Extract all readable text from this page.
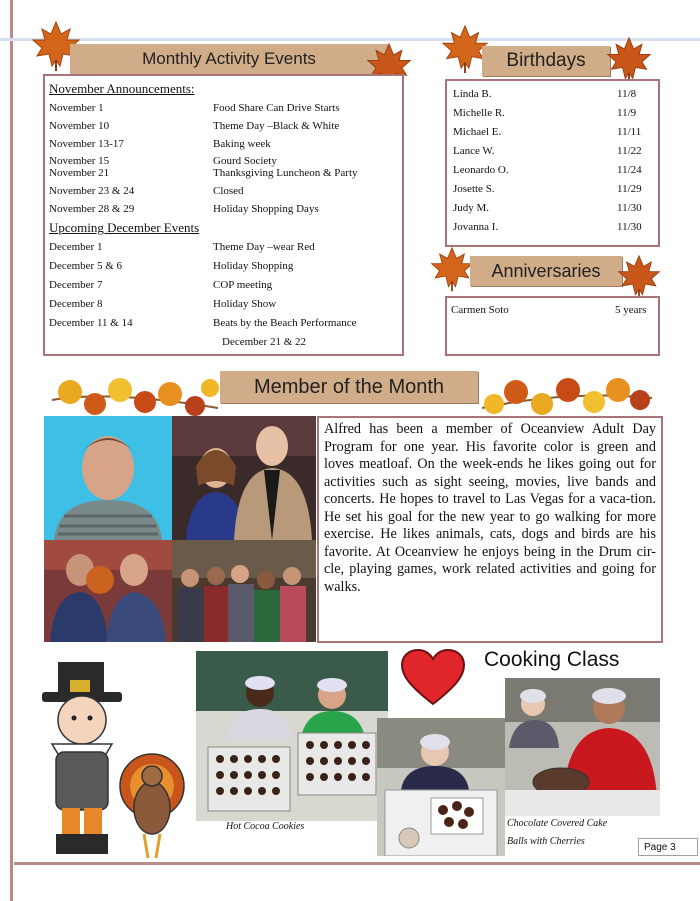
Monthly Activity Events
November Announcements:
November 1	Food Share Can Drive Starts
November 10	Theme Day –Black & White
November 13-17	Baking week
November 15	Gourd Society
November 21	Thanksgiving Luncheon & Party
November 23 & 24	Closed
November 28 & 29	Holiday Shopping Days
Upcoming December Events
December 1	Theme Day –wear Red
December 5 & 6	Holiday Shopping
December 7	COP meeting
December 8	Holiday Show
December 11 & 14	Beats by the Beach Performance
December 21 & 22
Birthdays
Linda B.	11/8
Michelle R.	11/9
Michael E.	11/11
Lance W.	11/22
Leonardo O.	11/24
Josette S.	11/29
Judy M.	11/30
Jovanna I.	11/30
Anniversaries
Carmen Soto	5 years
Member of the Month
Alfred has been a member of Oceanview Adult Day Program for one year. His favorite color is green and loves meatloaf. On the week-ends he likes going out for activities such as sight seeing, movies, live bands and concerts. He hopes to travel to Las Vegas for a vaca-tion. He set his goal for the new year to go walking for more exercise. He likes animals, cats, dogs and birds are his favorite. At Oceanview he enjoys being in the Drum cir-cle, playing games, work related activities and going for walks.
Hot Cocoa Cookies
Cooking Class
Chocolate Covered Cake
Balls with Cherries
Page 3
